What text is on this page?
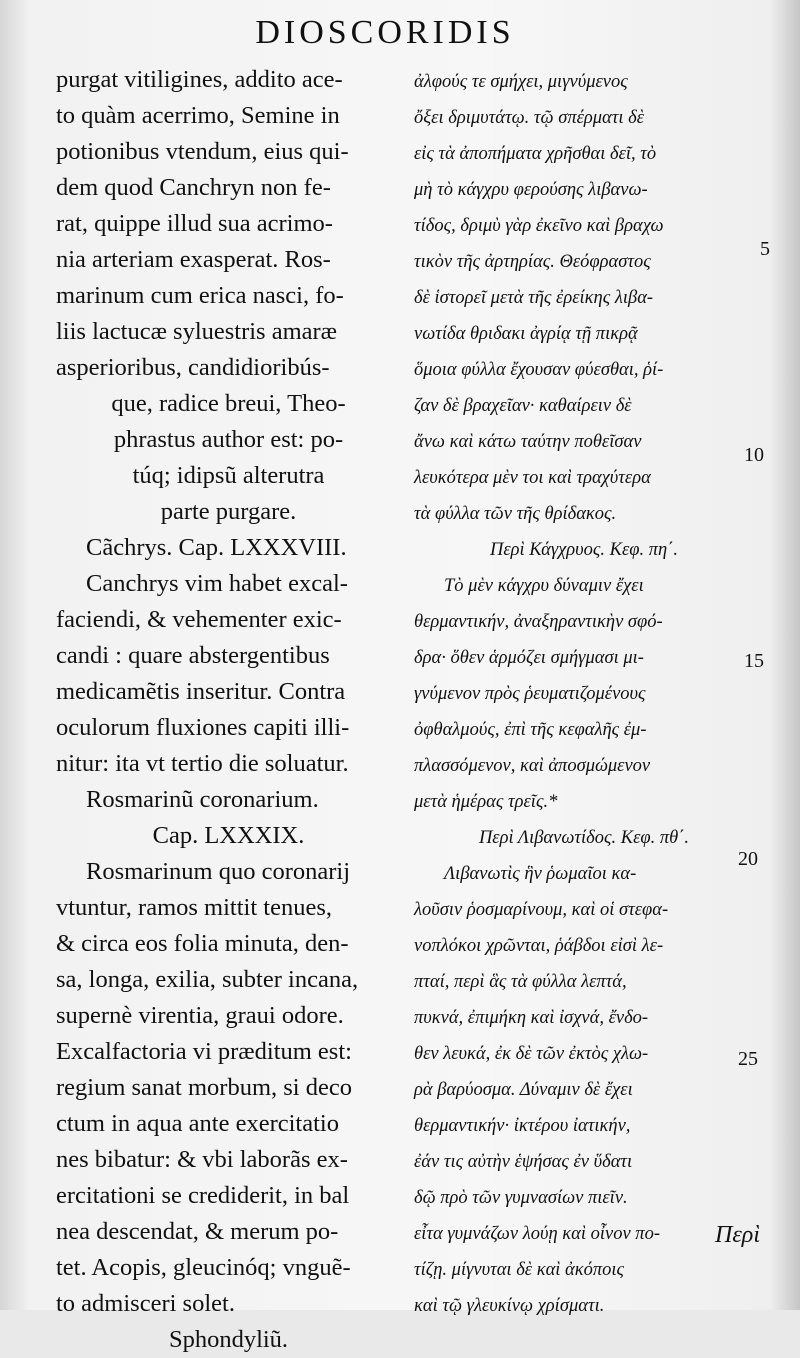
DIOSCORIDIS
purgat vitiligines, addito ace-
to quàm acerrimo, Semine in
potionibus vtendum, eius qui-
dem quod Canchryn non fe-
rat, quippe illud sua acrimo-
nia arteriam exasperat. Ros-
marinum cum erica nasci, fo-
liis lactucæ syluestris amaræ
asperioribus, candidioribús-
que, radice breui, Theo-
phrastus author est: po-
túq; idipsũ alterutra
parte purgare.
Cãchrys. Cap. LXXXVIII.
Canchrys vim habet excal-
faciendi, & vehementer exic-
candi : quare abstergentibus
medicamẽtis inseritur. Contra
oculorum fluxiones capiti illi-
nitur: ita vt tertio die soluatur.
Rosmarinũ coronarium.
Cap. LXXXIX.
Rosmarinum quo coronarij
vtuntur, ramos mittit tenues,
& circa eos folia minuta, den-
sa, longa, exilia, subter incana,
supernè virentia, graui odore.
Excalfactoria vi præditum est:
regium sanat morbum, si deco
ctum in aqua ante exercitatio
nes bibatur: & vbi laborãs ex-
ercitationi se crediderit, in bal
nea descendat, & merum po-
tet. Acopis, gleucinóq; vnguẽ-
to admisceri solet.
Sphondyliũ.
ἀλφούς τε σμήχει, μιγνύμενος
ὄξει δριμυτάτῳ. τῷ σπέρματι δὲ
εἰς τὰ ἀποπήματα χρῆσθαι δεῖ, τὸ
μὴ τὸ κάγχρυ φερούσης λιβανω-
τίδος, δριμὺ γὰρ ἐκεῖνο καὶ βραχω
τικὸν τῆς ἀρτηρίας. Θεόφραστος
δὲ ἱστορεῖ μετὰ τῆς ἐρείκης λιβα-
νωτίδα θριδακι ἀγρίᾳ τῇ πικρᾷ
ὅμοια φύλλα ἔχουσαν φύεσθαι, ῥί-
ζαν δὲ βραχεῖαν· καθαίρειν δὲ
ἄνω καὶ κάτω ταύτην ποθεῖσαν
λευκότερα μὲν τοι καὶ τραχύτερα
τὰ φύλλα τῶν τῆς θρίδακος.
Περὶ Κάγχρυος. Κεφ. πη΄.
Τὸ μὲν κάγχρυ δύναμιν ἔχει
θερμαντικήν, ἀναξηραντικὴν σφό-
δρα· ὅθεν ἁρμόζει σμήγμασι μι-
γνύμενον πρὸς ῥευματιζομένους
ὀφθαλμούς, ἐπὶ τῆς κεφαλῆς ἐμ-
πλασσόμενον, καὶ ἀποσμώμενον
μετὰ ἡμέρας τρεῖς.*
Περὶ Λιβανωτίδος. Κεφ. πθ΄.
Λιβανωτὶς ἣν ῥωμαῖοι κα-
λοῦσιν ῥοσμαρίνουμ, καὶ οἱ στεφα-
νοπλόκοι χρῶνται, ῥάβδοι εἰσὶ λε-
πταί, περὶ ἃς τὰ φύλλα λεπτά,
πυκνά, ἐπιμήκη καὶ ἰσχνά, ἔνδο-
θεν λευκά, ἐκ δὲ τῶν ἐκτὸς χλω-
ρὰ βαρύοσμα. Δύναμιν δὲ ἔχει
θερμαντικήν· ἰκτέρου ἰατικήν,
ἐάν τις αὐτὴν ἑψήσας ἐν ὕδατι
δῷ πρὸ τῶν γυμνασίων πιεῖν.
εἶτα γυμνάζων λούῃ καὶ οἶνον πο-
τίζῃ. μίγνυται δὲ καὶ ἀκόποις
καὶ τῷ γλευκίνῳ χρίσματι.
5
10
15
20
25
Περὶ
